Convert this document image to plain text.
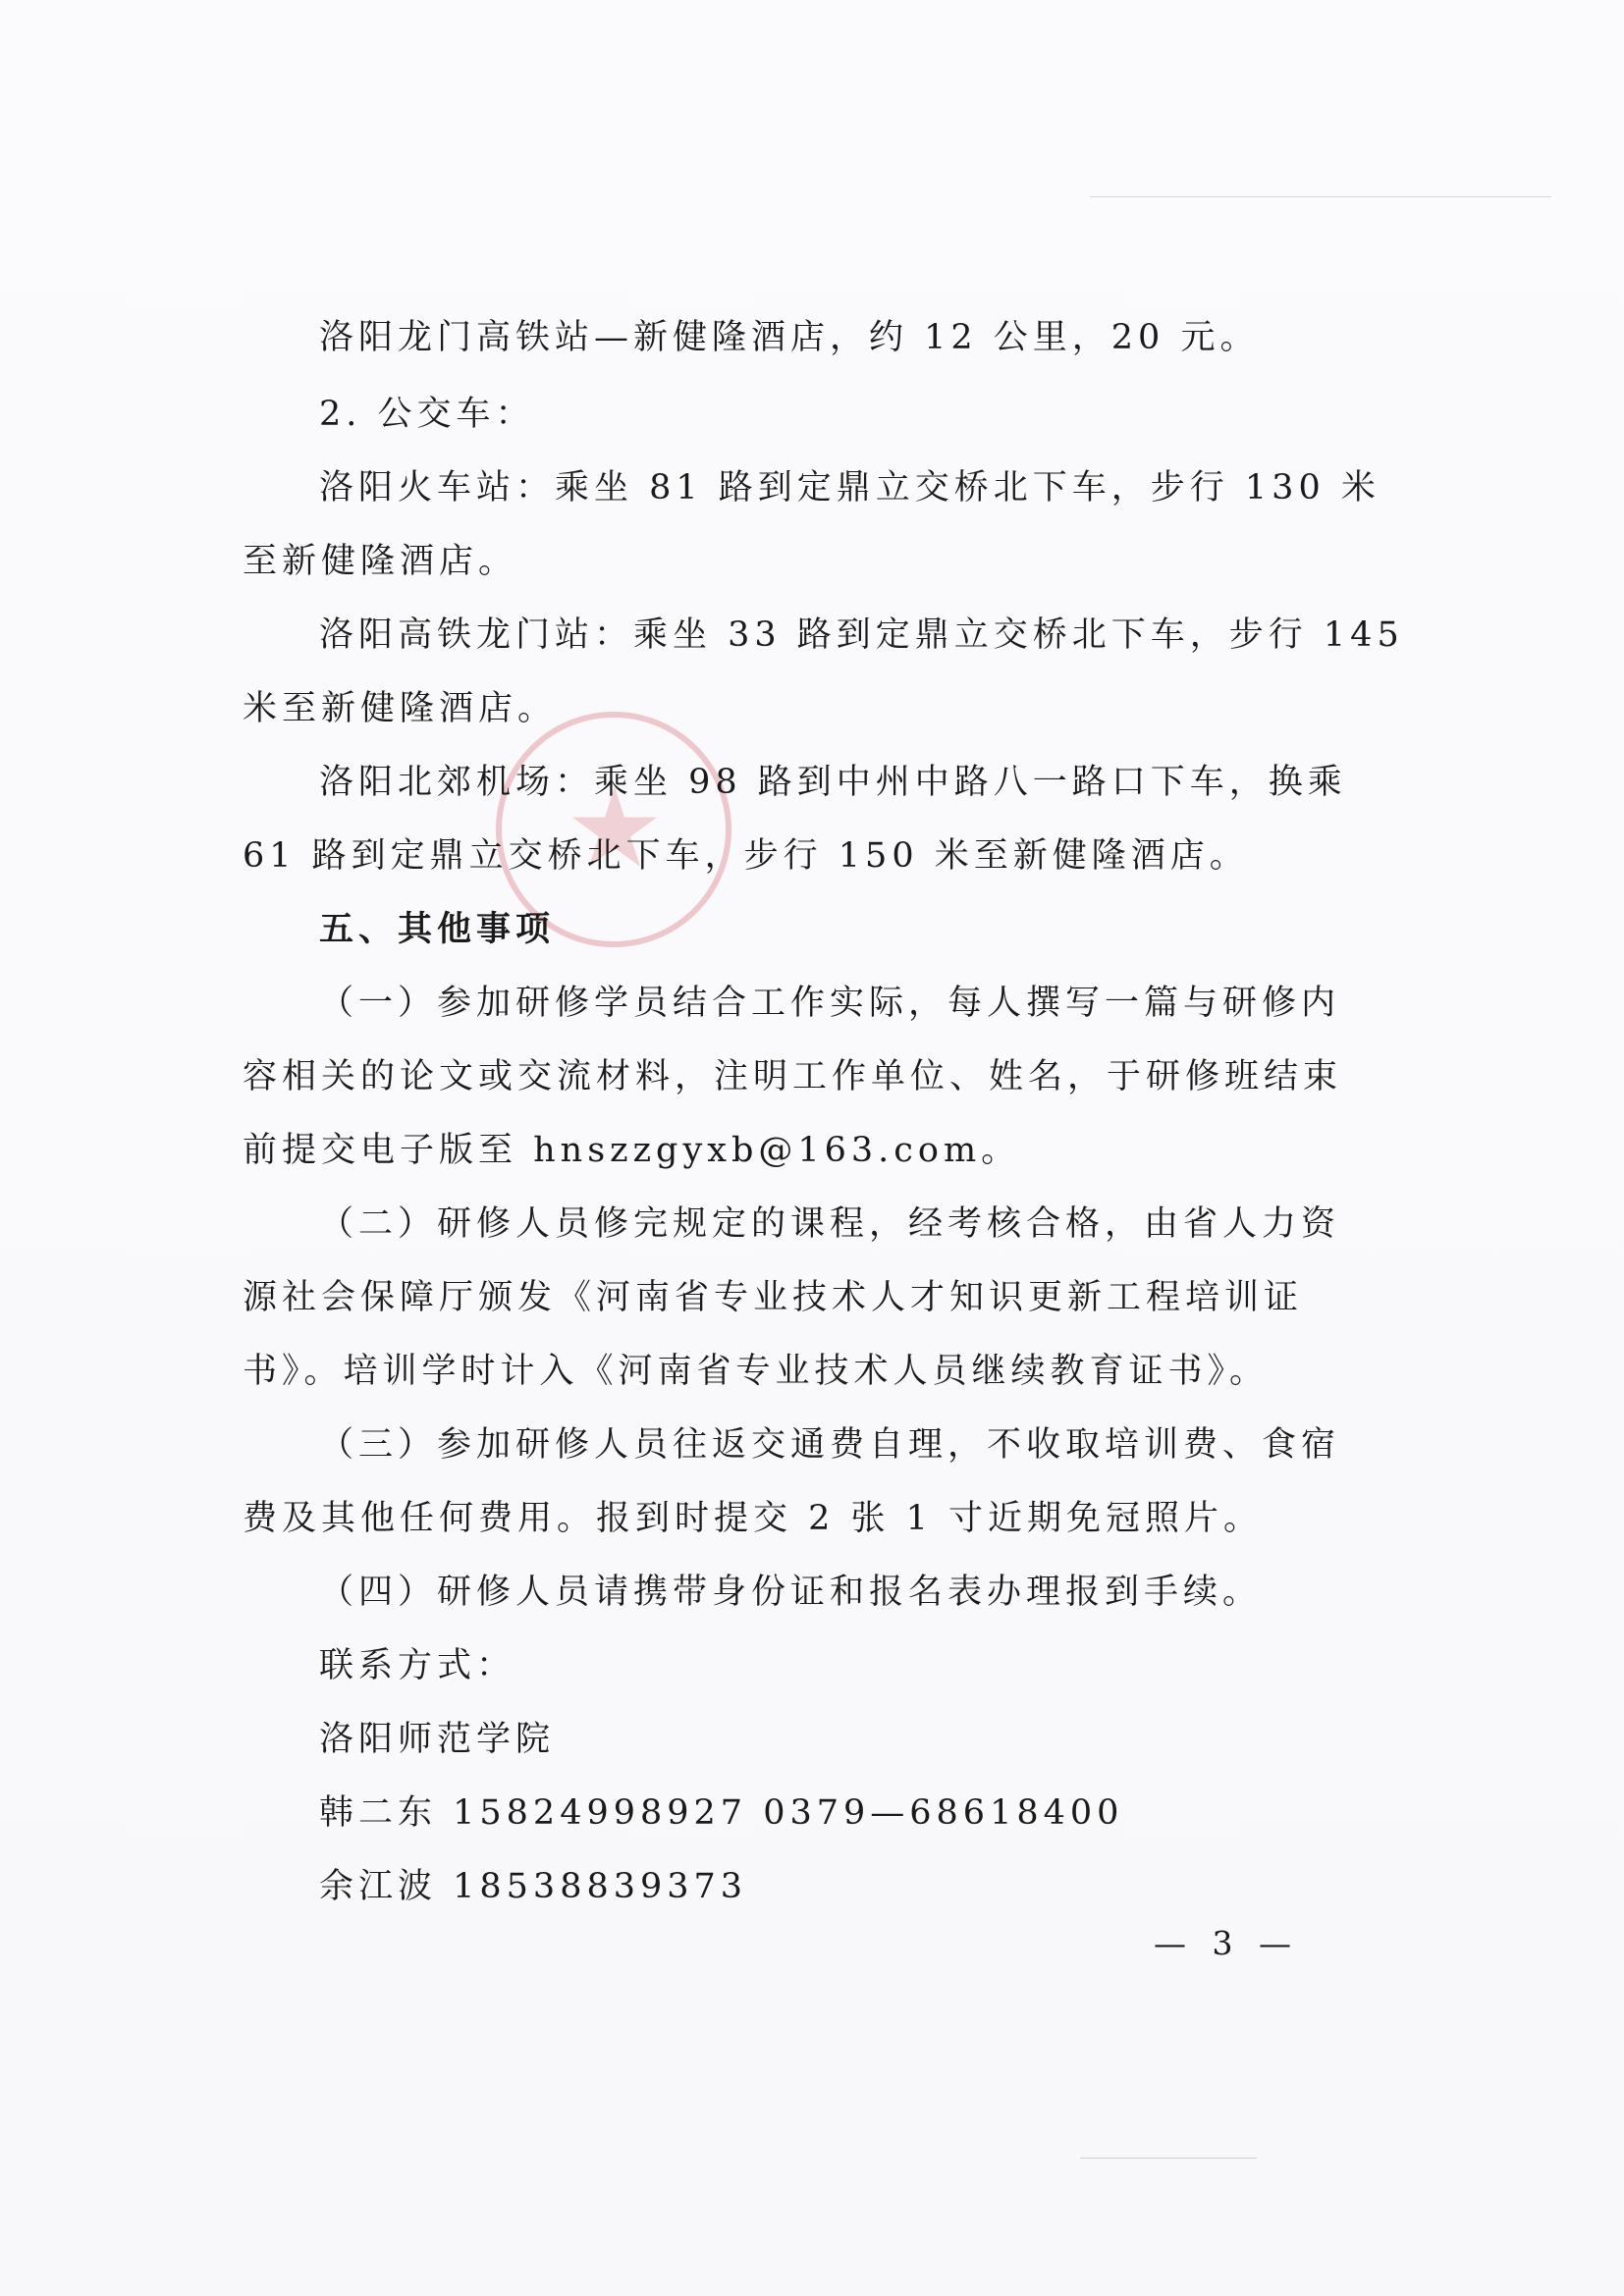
洛阳龙门高铁站—新健隆酒店，约 12 公里，20 元。
2. 公交车：
洛阳火车站：乘坐 81 路到定鼎立交桥北下车，步行 130 米
至新健隆酒店。
洛阳高铁龙门站：乘坐 33 路到定鼎立交桥北下车，步行 145
米至新健隆酒店。
洛阳北郊机场：乘坐 98 路到中州中路八一路口下车，换乘
61 路到定鼎立交桥北下车，步行 150 米至新健隆酒店。
五、其他事项
（一）参加研修学员结合工作实际，每人撰写一篇与研修内
容相关的论文或交流材料，注明工作单位、姓名，于研修班结束
前提交电子版至 hnszzgyxb@163.com。
（二）研修人员修完规定的课程，经考核合格，由省人力资
源社会保障厅颁发《河南省专业技术人才知识更新工程培训证
书》。培训学时计入《河南省专业技术人员继续教育证书》。
（三）参加研修人员往返交通费自理，不收取培训费、食宿
费及其他任何费用。报到时提交 2 张 1 寸近期免冠照片。
（四）研修人员请携带身份证和报名表办理报到手续。
联系方式：
洛阳师范学院
韩二东 15824998927 0379—68618400
余江波 18538839373
— 3 —
